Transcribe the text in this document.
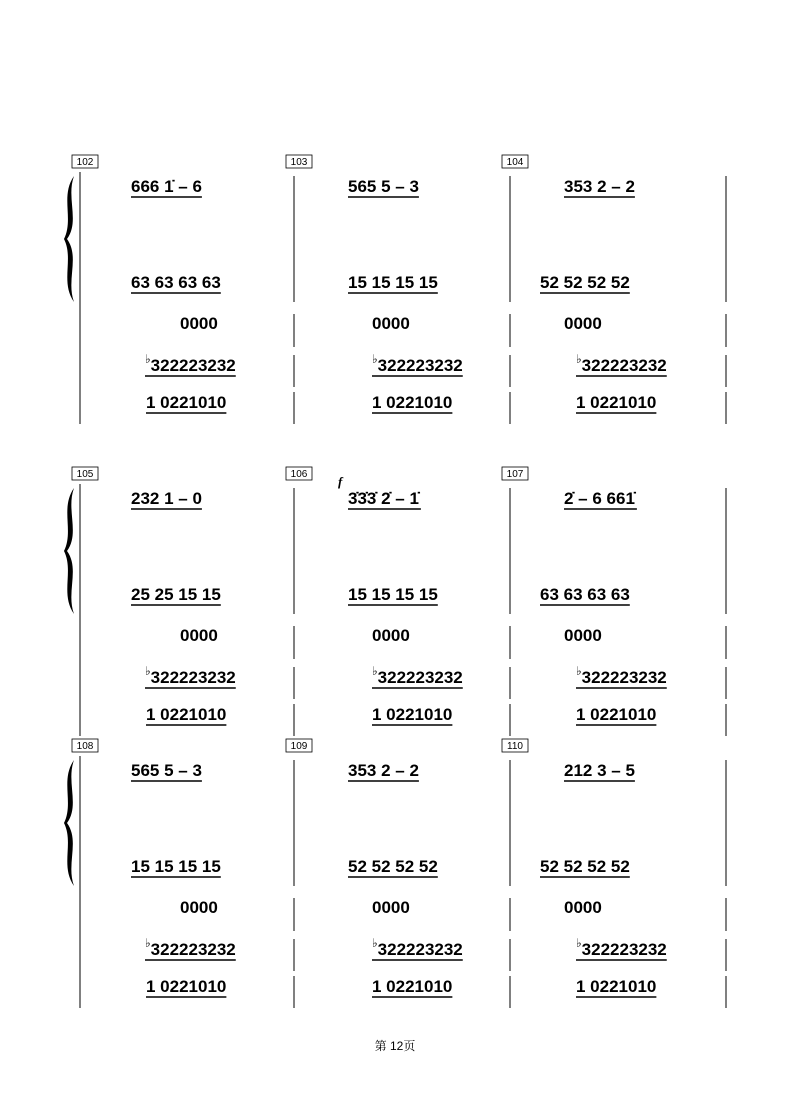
102
666 1̇ – 6
63 63 63 63
0000
♭322223232
1 0221010
103
565 5 – 3
15 15 15 15
0000
♭322223232
1 0221010
104
353 2 – 2
52 52 52 52
0000
♭322223232
1 0221010
105
232 1 – 0
25 25 15 15
0000
♭322223232
1 0221010
106 f
3̇3̇3̇ 2̇ – 1̇
15 15 15 15
0000
♭322223232
1 0221010
107
2̇ – 6 661̇
63 63 63 63
0000
♭322223232
1 0221010
108
565 5 – 3
15 15 15 15
0000
♭322223232
1 0221010
109
353 2 – 2
52 52 52 52
0000
♭322223232
1 0221010
110
212 3 – 5
52 52 52 52
0000
♭322223232
1 0221010
第 12页
